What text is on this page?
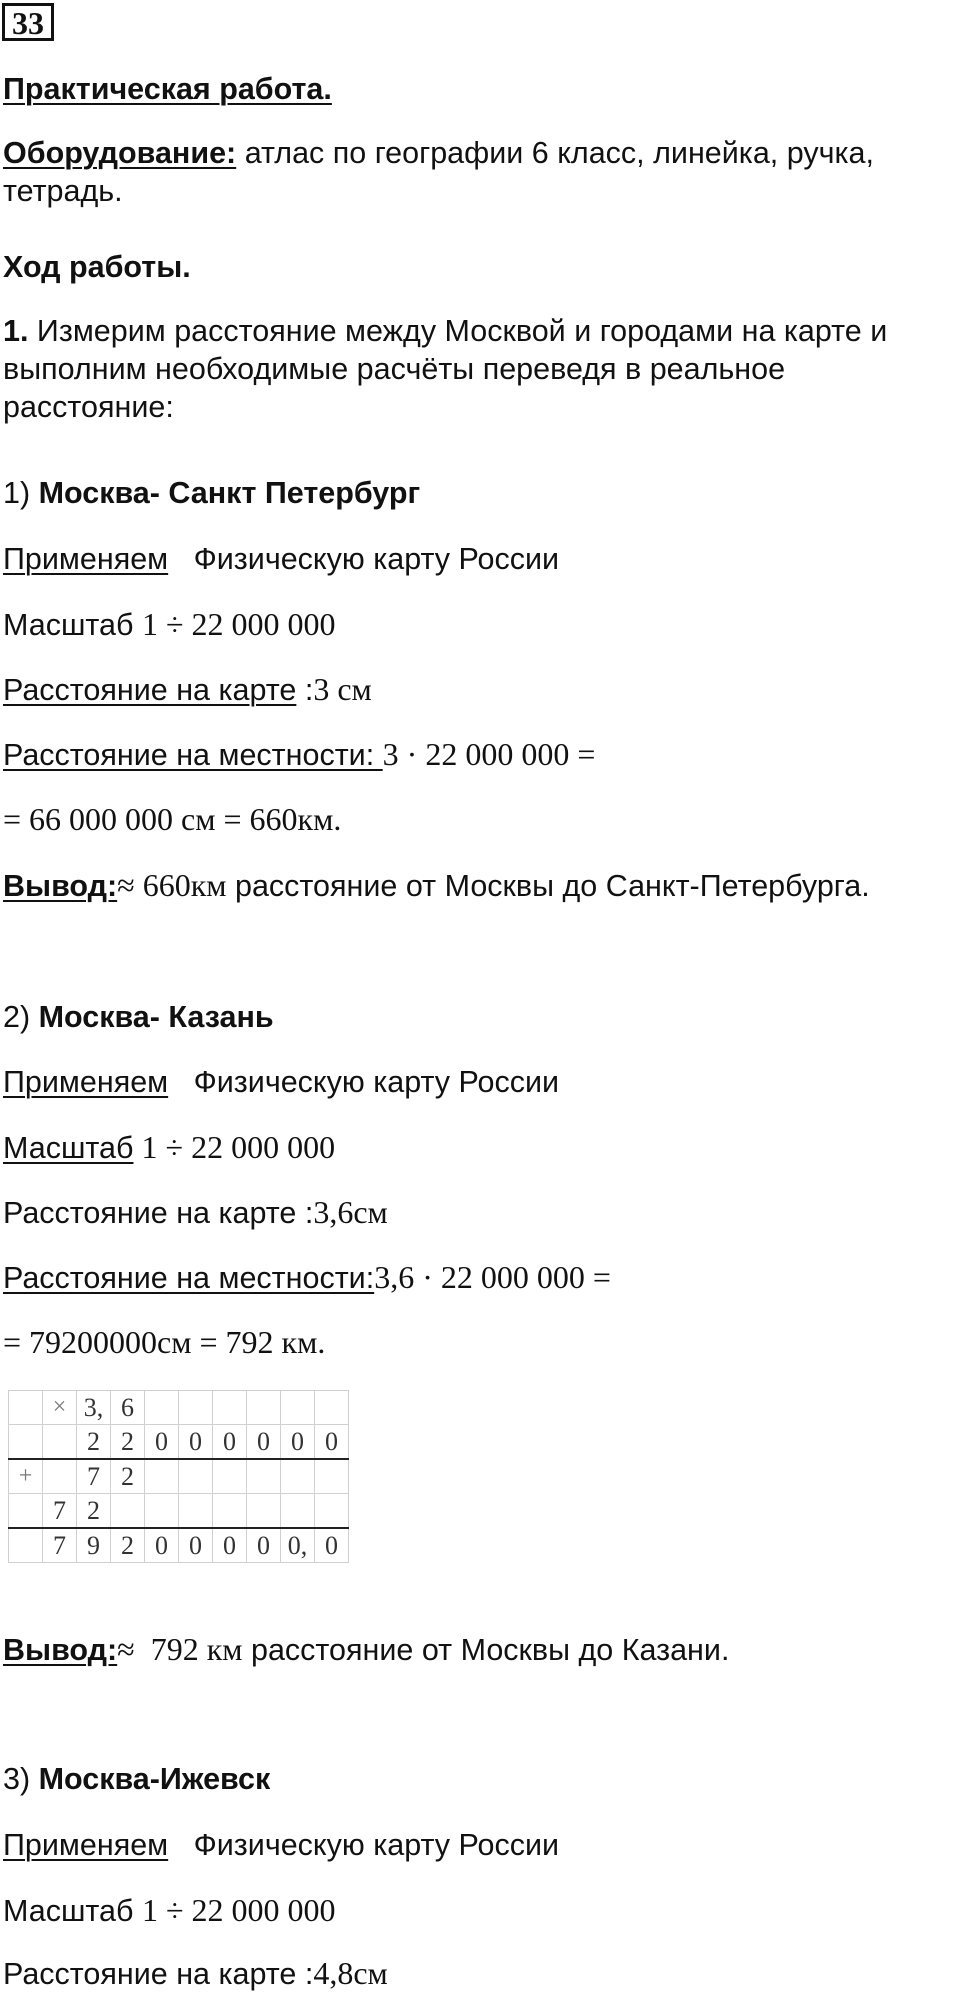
33
Практическая работа.
Оборудование: атлас по географии 6 класс, линейка, ручка, тетрадь.
Ход работы.
1. Измерим расстояние между Москвой и городами на карте и выполним необходимые расчёты переведя в реальное расстояние:
1) Москва- Санкт Петербург
Применяем   Физическую карту России
Масштаб 1 ÷ 22 000 000
Расстояние на карте :3 см
Расстояние на местности: 3 · 22 000 000 =
= 66 000 000 см = 660км.
Вывод:≈ 660км расстояние от Москвы до Санкт-Петербурга.
2) Москва- Казань
Применяем   Физическую карту России
Масштаб 1 ÷ 22 000 000
Расстояние на карте :3,6см
Расстояние на местности:3,6 · 22 000 000 =
= 79200000см = 792 км.
	×	3,	6						
		2	2	0	0	0	0	0	0
+		7	2						
	7	2							
	7	9	2	0	0	0	0	0,	0
Вывод:≈  792 км расстояние от Москвы до Казани.
3) Москва-Ижевск
Применяем   Физическую карту России
Масштаб 1 ÷ 22 000 000
Расстояние на карте :4,8см
